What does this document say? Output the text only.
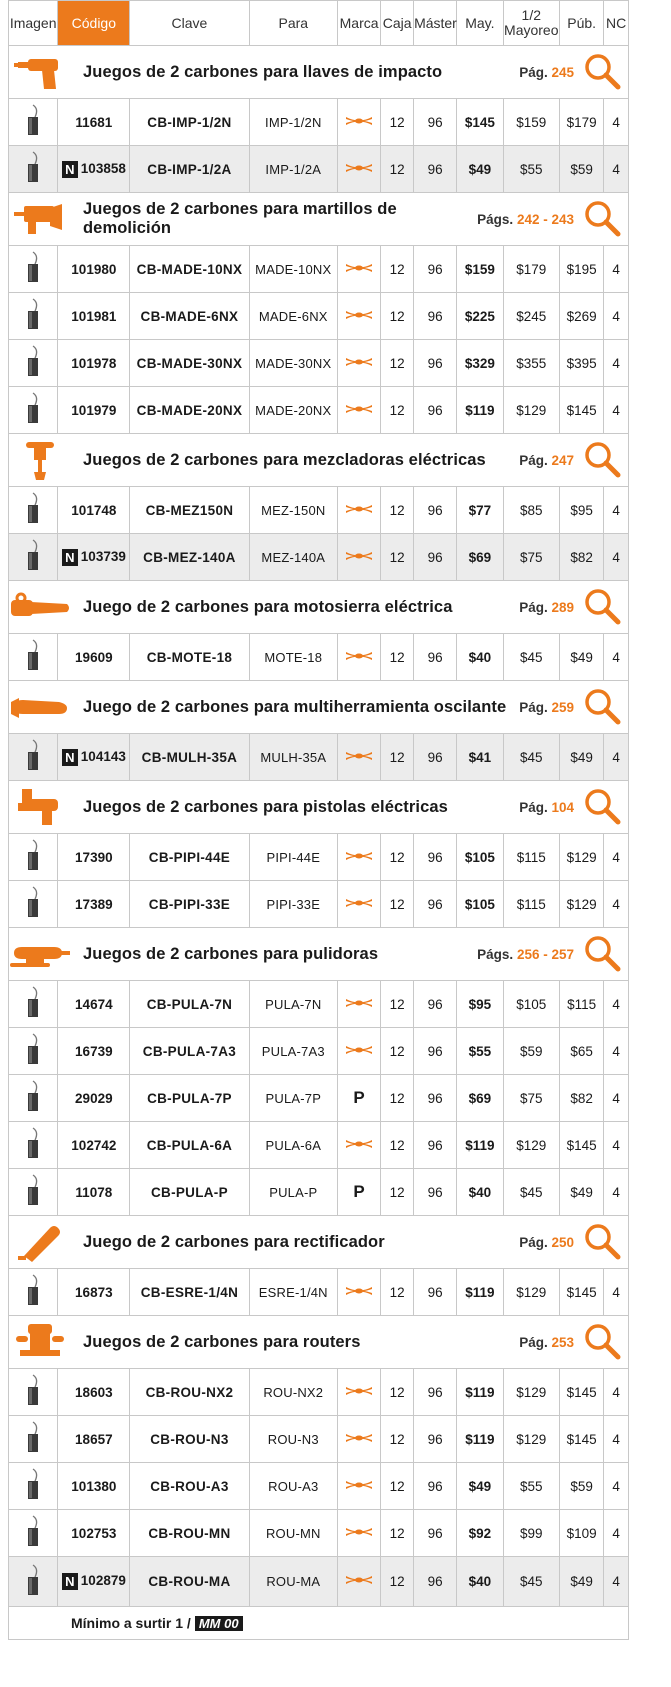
Imagen	Código	Clave	Para	Marca	Caja	Máster	May.	1/2
Mayoreo	Púb.	NC

Juegos de 2 carbones para llaves de impacto Pág. 245										

	11681	CB-IMP-1/2N	IMP-1/2N		12	96	$145	$159	$179	4

	N 103858	CB-IMP-1/2A	IMP-1/2A		12	96	$49	$55	$59	4

Juegos de 2 carbones para martillos de demolición Págs. 242 - 243										

	101980	CB-MADE-10NX	MADE-10NX		12	96	$159	$179	$195	4

	101981	CB-MADE-6NX	MADE-6NX		12	96	$225	$245	$269	4

	101978	CB-MADE-30NX	MADE-30NX		12	96	$329	$355	$395	4

	101979	CB-MADE-20NX	MADE-20NX		12	96	$119	$129	$145	4

Juegos de 2 carbones para mezcladoras eléctricas Pág. 247										

	101748	CB-MEZ150N	MEZ-150N		12	96	$77	$85	$95	4

	N 103739	CB-MEZ-140A	MEZ-140A		12	96	$69	$75	$82	4

Juego de 2 carbones para motosierra eléctrica Pág. 289										

	19609	CB-MOTE-18	MOTE-18		12	96	$40	$45	$49	4

Juego de 2 carbones para multiherramienta oscilante Pág. 259										

	N 104143	CB-MULH-35A	MULH-35A		12	96	$41	$45	$49	4

Juegos de 2 carbones para pistolas eléctricas Pág. 104										

	17390	CB-PIPI-44E	PIPI-44E		12	96	$105	$115	$129	4

	17389	CB-PIPI-33E	PIPI-33E		12	96	$105	$115	$129	4

Juegos de 2 carbones para pulidoras Págs. 256 - 257										

	14674	CB-PULA-7N	PULA-7N		12	96	$95	$105	$115	4

	16739	CB-PULA-7A3	PULA-7A3		12	96	$55	$59	$65	4

	29029	CB-PULA-7P	PULA-7P	P	12	96	$69	$75	$82	4

	102742	CB-PULA-6A	PULA-6A		12	96	$119	$129	$145	4

	11078	CB-PULA-P	PULA-P	P	12	96	$40	$45	$49	4

Juego de 2 carbones para rectificador Pág. 250										

	16873	CB-ESRE-1/4N	ESRE-1/4N		12	96	$119	$129	$145	4

Juegos de 2 carbones para routers Pág. 253										

	18603	CB-ROU-NX2	ROU-NX2		12	96	$119	$129	$145	4

	18657	CB-ROU-N3	ROU-N3		12	96	$119	$129	$145	4

	101380	CB-ROU-A3	ROU-A3		12	96	$49	$55	$59	4

	102753	CB-ROU-MN	ROU-MN		12	96	$92	$99	$109	4

	N 102879	CB-ROU-MA	ROU-MA		12	96	$40	$45	$49	4
Mínimo a surtir 1 / MM 00
